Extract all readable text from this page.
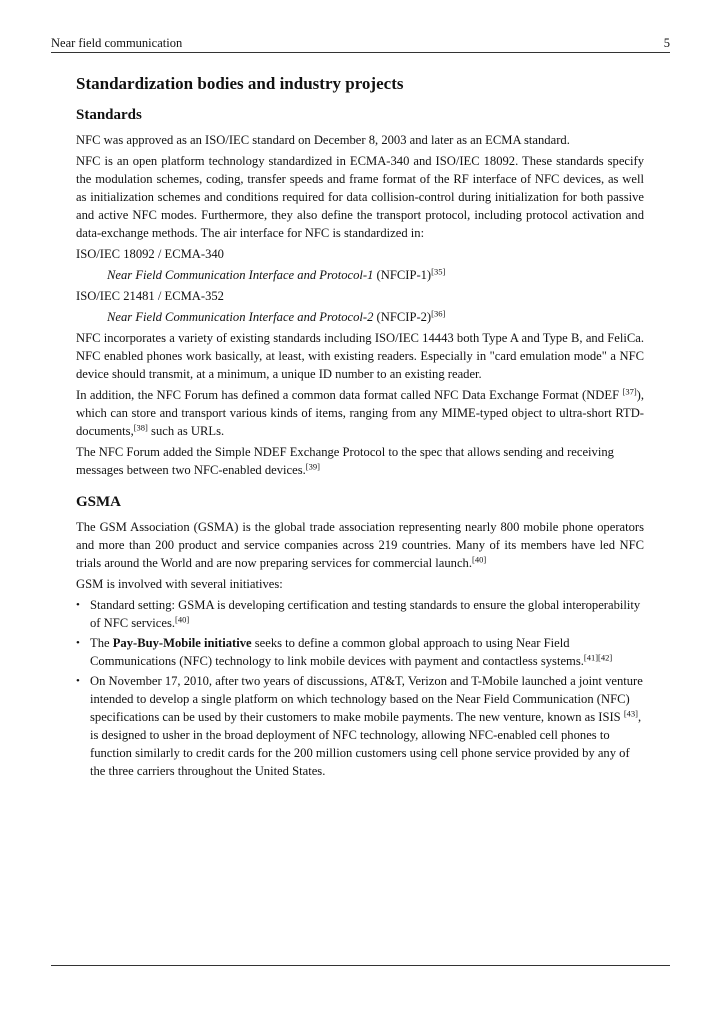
Near field communication	5
Standardization bodies and industry projects
Standards

NFC was approved as an ISO/IEC standard on December 8, 2003 and later as an ECMA standard.

NFC is an open platform technology standardized in ECMA-340 and ISO/IEC 18092. These standards specify the modulation schemes, coding, transfer speeds and frame format of the RF interface of NFC devices, as well as initialization schemes and conditions required for data collision-control during initialization for both passive and active NFC modes. Furthermore, they also define the transport protocol, including protocol activation and data-exchange methods. The air interface for NFC is standardized in:

ISO/IEC 18092 / ECMA-340

Near Field Communication Interface and Protocol-1 (NFCIP-1)[35]

ISO/IEC 21481 / ECMA-352

Near Field Communication Interface and Protocol-2 (NFCIP-2)[36]

NFC incorporates a variety of existing standards including ISO/IEC 14443 both Type A and Type B, and FeliCa. NFC enabled phones work basically, at least, with existing readers. Especially in "card emulation mode" a NFC device should transmit, at a minimum, a unique ID number to an existing reader.

In addition, the NFC Forum has defined a common data format called NFC Data Exchange Format (NDEF [37]), which can store and transport various kinds of items, ranging from any MIME-typed object to ultra-short RTD-documents,[38] such as URLs.

The NFC Forum added the Simple NDEF Exchange Protocol to the spec that allows sending and receiving messages between two NFC-enabled devices.[39]

GSMA

The GSM Association (GSMA) is the global trade association representing nearly 800 mobile phone operators and more than 200 product and service companies across 219 countries. Many of its members have led NFC trials around the World and are now preparing services for commercial launch.[40]

GSM is involved with several initiatives:

• Standard setting: GSMA is developing certification and testing standards to ensure the global interoperability of NFC services.[40]
• The Pay-Buy-Mobile initiative seeks to define a common global approach to using Near Field Communications (NFC) technology to link mobile devices with payment and contactless systems.[41][42]
• On November 17, 2010, after two years of discussions, AT&T, Verizon and T-Mobile launched a joint venture intended to develop a single platform on which technology based on the Near Field Communication (NFC) specifications can be used by their customers to make mobile payments. The new venture, known as ISIS [43], is designed to usher in the broad deployment of NFC technology, allowing NFC-enabled cell phones to function similarly to credit cards for the 200 million customers using cell phone service provided by any of the three carriers throughout the United States.
